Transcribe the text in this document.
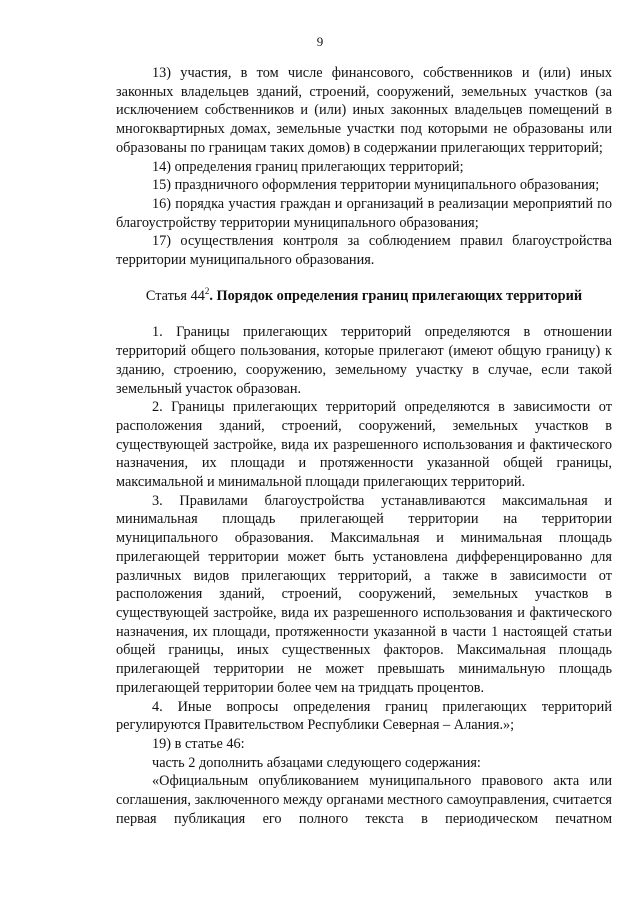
9

13) участия, в том числе финансового, собственников и (или) иных законных владельцев зданий, строений, сооружений, земельных участков (за исключением собственников и (или) иных законных владельцев помещений в многоквартирных домах, земельные участки под которыми не образованы или образованы по границам таких домов) в содержании прилегающих территорий;

14) определения границ прилегающих территорий;

15) праздничного оформления территории муниципального образования;

16) порядка участия граждан и организаций в реализации мероприятий по благоустройству территории муниципального образования;

17) осуществления контроля за соблюдением правил благоустройства территории муниципального образования.

Статья $44^2$. Порядок определения границ прилегающих территорий

1. Границы прилегающих территорий определяются в отношении территорий общего пользования, которые прилегают (имеют общую границу) к зданию, строению, сооружению, земельному участку в случае, если такой земельный участок образован.

2. Границы прилегающих территорий определяются в зависимости от расположения зданий, строений, сооружений, земельных участков в существующей застройке, вида их разрешенного использования и фактического назначения, их площади и протяженности указанной общей границы, максимальной и минимальной площади прилегающих территорий.

3. Правилами благоустройства устанавливаются максимальная и минимальная площадь прилегающей территории на территории муниципального образования. Максимальная и минимальная площадь прилегающей территории может быть установлена дифференцированно для различных видов прилегающих территорий, а также в зависимости от расположения зданий, строений, сооружений, земельных участков в существующей застройке, вида их разрешенного использования и фактического назначения, их площади, протяженности указанной в части 1 настоящей статьи общей границы, иных существенных факторов. Максимальная площадь прилегающей территории не может превышать минимальную площадь прилегающей территории более чем на тридцать процентов.

4. Иные вопросы определения границ прилегающих территорий регулируются Правительством Республики Северная – Алания.»;

19) в статье 46:

часть 2 дополнить абзацами следующего содержания:

«Официальным опубликованием муниципального правового акта или соглашения, заключенного между органами местного самоуправления, считается первая публикация его полного текста в периодическом печатном
